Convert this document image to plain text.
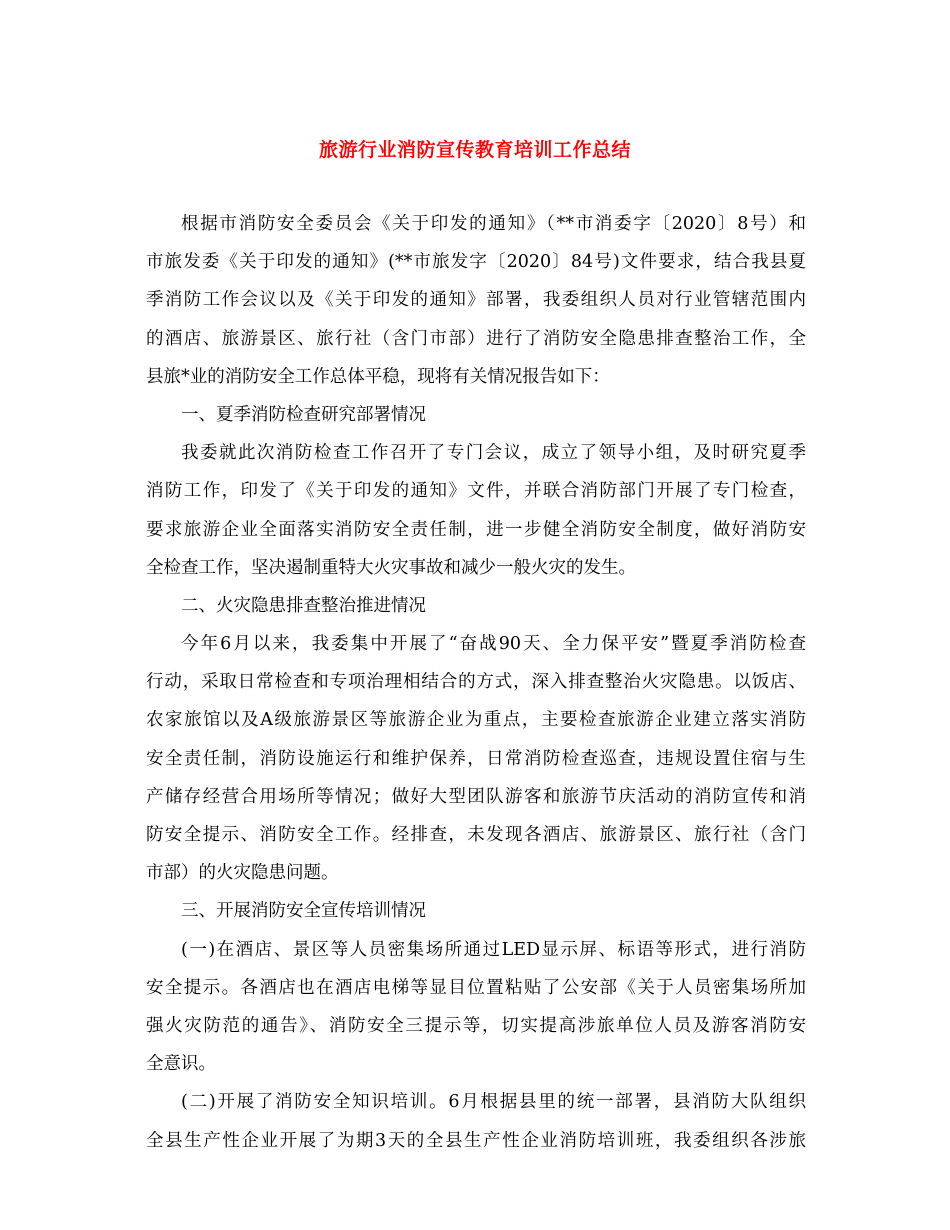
旅游行业消防宣传教育培训工作总结
根据市消防安全委员会《关于印发的通知》（**市消委字〔2020〕8号）和
市旅发委《关于印发的通知》(**市旅发字〔2020〕84号)文件要求，结合我县夏
季消防工作会议以及《关于印发的通知》部署，我委组织人员对行业管辖范围内
的酒店、旅游景区、旅行社（含门市部）进行了消防安全隐患排查整治工作，全
县旅*业的消防安全工作总体平稳，现将有关情况报告如下：
一、夏季消防检查研究部署情况
我委就此次消防检查工作召开了专门会议，成立了领导小组，及时研究夏季
消防工作，印发了《关于印发的通知》文件，并联合消防部门开展了专门检查，
要求旅游企业全面落实消防安全责任制，进一步健全消防安全制度，做好消防安
全检查工作，坚决遏制重特大火灾事故和减少一般火灾的发生。
二、火灾隐患排查整治推进情况
今年6月以来，我委集中开展了“奋战90天、全力保平安”暨夏季消防检查
行动，采取日常检查和专项治理相结合的方式，深入排查整治火灾隐患。以饭店、
农家旅馆以及A级旅游景区等旅游企业为重点，主要检查旅游企业建立落实消防
安全责任制，消防设施运行和维护保养，日常消防检查巡查，违规设置住宿与生
产储存经营合用场所等情况；做好大型团队游客和旅游节庆活动的消防宣传和消
防安全提示、消防安全工作。经排查，未发现各酒店、旅游景区、旅行社（含门
市部）的火灾隐患问题。
三、开展消防安全宣传培训情况
(一)在酒店、景区等人员密集场所通过LED显示屏、标语等形式，进行消防
安全提示。各酒店也在酒店电梯等显目位置粘贴了公安部《关于人员密集场所加
强火灾防范的通告》、消防安全三提示等，切实提高涉旅单位人员及游客消防安
全意识。
(二)开展了消防安全知识培训。6月根据县里的统一部署，县消防大队组织
全县生产性企业开展了为期3天的全县生产性企业消防培训班，我委组织各涉旅
